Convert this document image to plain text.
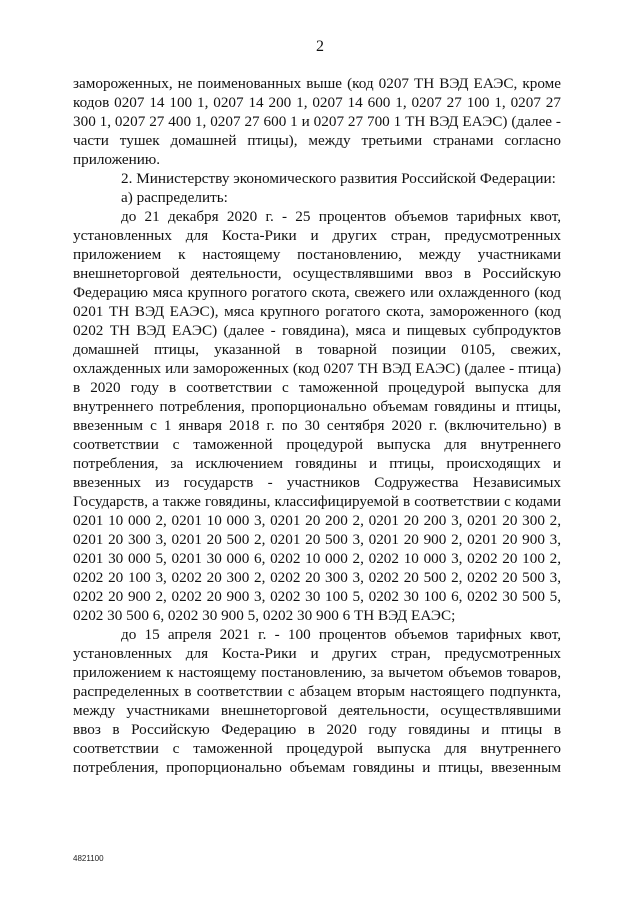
2

замороженных, не поименованных выше (код 0207 ТН ВЭД ЕАЭС, кроме кодов 0207 14 100 1, 0207 14 200 1, 0207 14 600 1, 0207 27 100 1, 0207 27 300 1, 0207 27 400 1, 0207 27 600 1 и 0207 27 700 1 ТН ВЭД ЕАЭС) (далее - части тушек домашней птицы), между третьими странами согласно приложению.

2. Министерству экономического развития Российской Федерации:

а) распределить:

до 21 декабря 2020 г. - 25 процентов объемов тарифных квот, установленных для Коста-Рики и других стран, предусмотренных приложением к настоящему постановлению, между участниками внешнеторговой деятельности, осуществлявшими ввоз в Российскую Федерацию мяса крупного рогатого скота, свежего или охлажденного (код 0201 ТН ВЭД ЕАЭС), мяса крупного рогатого скота, замороженного (код 0202 ТН ВЭД ЕАЭС) (далее - говядина), мяса и пищевых субпродуктов домашней птицы, указанной в товарной позиции 0105, свежих, охлажденных или замороженных (код 0207 ТН ВЭД ЕАЭС) (далее - птица) в 2020 году в соответствии с таможенной процедурой выпуска для внутреннего потребления, пропорционально объемам говядины и птицы, ввезенным с 1 января 2018 г. по 30 сентября 2020 г. (включительно) в соответствии с таможенной процедурой выпуска для внутреннего потребления, за исключением говядины и птицы, происходящих и ввезенных из государств - участников Содружества Независимых Государств, а также говядины, классифицируемой в соответствии с кодами 0201 10 000 2, 0201 10 000 3, 0201 20 200 2, 0201 20 200 3, 0201 20 300 2, 0201 20 300 3, 0201 20 500 2, 0201 20 500 3, 0201 20 900 2, 0201 20 900 3, 0201 30 000 5, 0201 30 000 6, 0202 10 000 2, 0202 10 000 3, 0202 20 100 2, 0202 20 100 3, 0202 20 300 2, 0202 20 300 3, 0202 20 500 2, 0202 20 500 3, 0202 20 900 2, 0202 20 900 3, 0202 30 100 5, 0202 30 100 6, 0202 30 500 5, 0202 30 500 6, 0202 30 900 5, 0202 30 900 6 ТН ВЭД ЕАЭС;

до 15 апреля 2021 г. - 100 процентов объемов тарифных квот, установленных для Коста-Рики и других стран, предусмотренных приложением к настоящему постановлению, за вычетом объемов товаров, распределенных в соответствии с абзацем вторым настоящего подпункта, между участниками внешнеторговой деятельности, осуществлявшими ввоз в Российскую Федерацию в 2020 году говядины и птицы в соответствии с таможенной процедурой выпуска для внутреннего потребления, пропорционально объемам говядины и птицы, ввезенным

4821100
